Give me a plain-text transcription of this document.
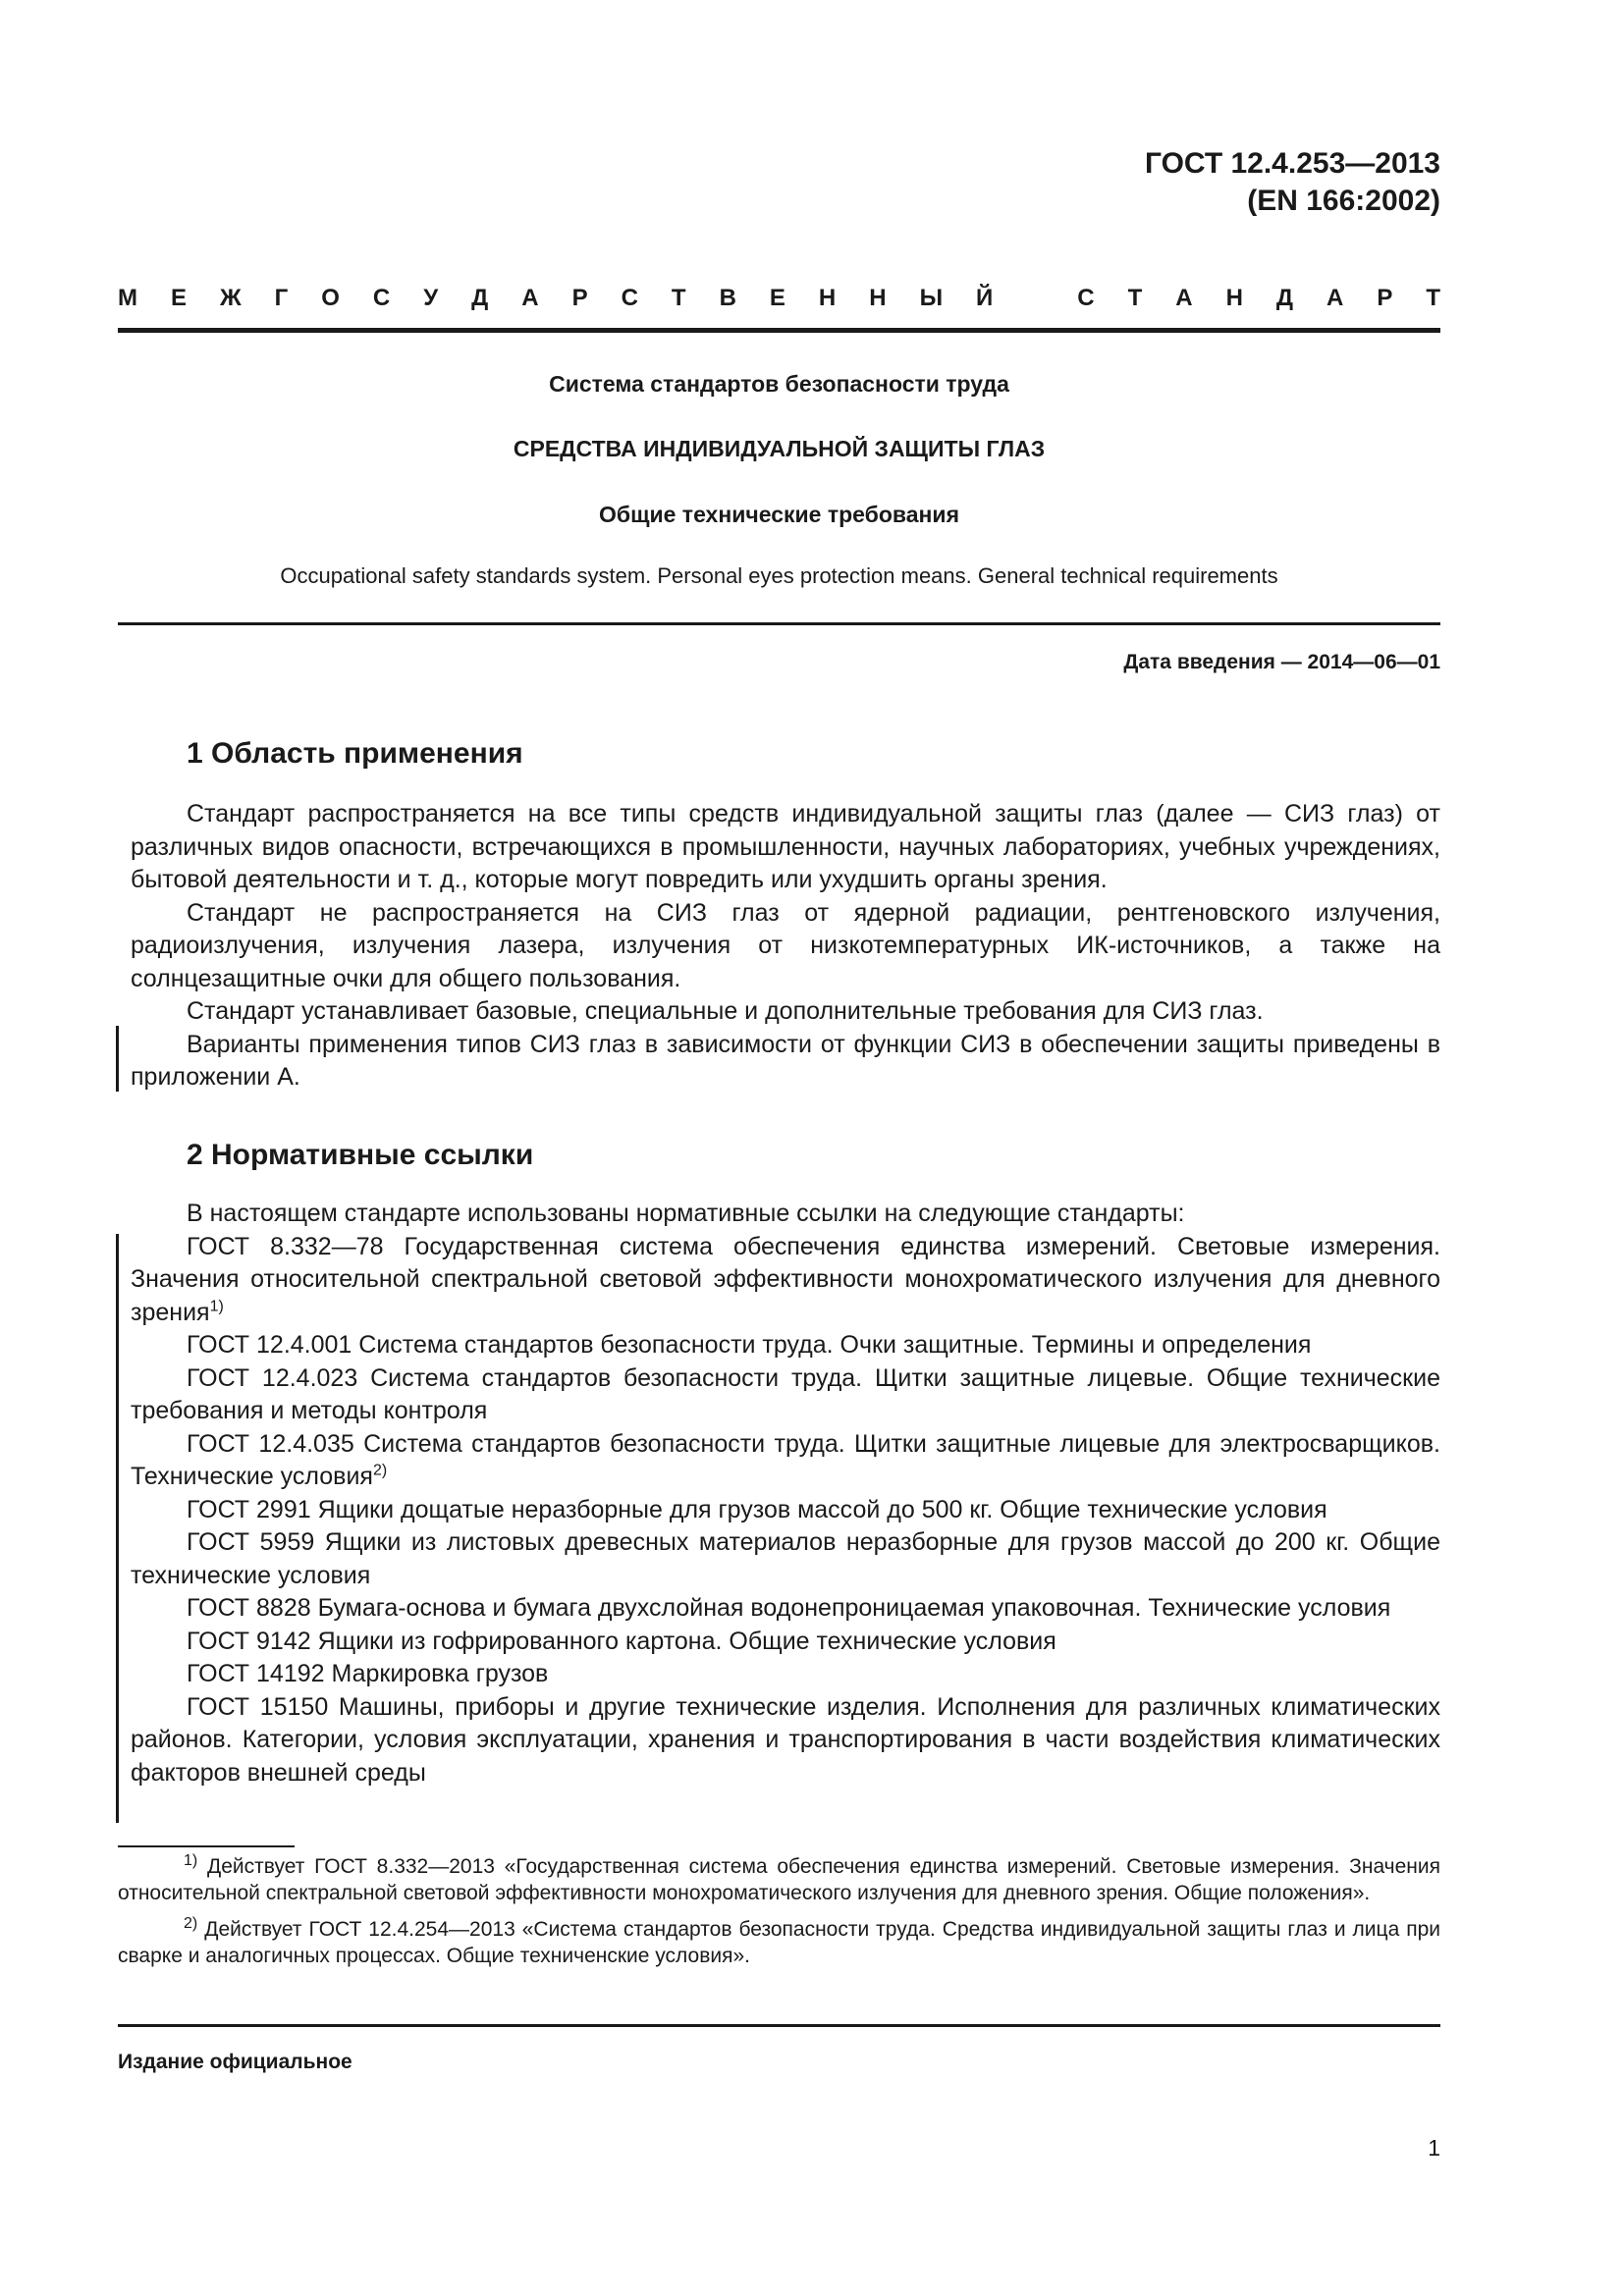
ГОСТ 12.4.253—2013
(EN 166:2002)
М Е Ж Г О С У Д А Р С Т В Е Н Н Ы Й	С Т А Н Д А Р Т
Система стандартов безопасности труда
СРЕДСТВА ИНДИВИДУАЛЬНОЙ ЗАЩИТЫ ГЛАЗ
Общие технические требования
Occupational safety standards system. Personal eyes protection means. General technical requirements
Дата введения — 2014—06—01
1 Область применения

Стандарт распространяется на все типы средств индивидуальной защиты глаз (далее — СИЗ глаз) от различных видов опасности, встречающихся в промышленности, научных лабораториях, учебных учреждениях, бытовой деятельности и т. д., которые могут повредить или ухудшить органы зрения.

Стандарт не распространяется на СИЗ глаз от ядерной радиации, рентгеновского излучения, радиоизлучения, излучения лазера, излучения от низкотемпературных ИК-источников, а также на солнцезащитные очки для общего пользования.

Стандарт устанавливает базовые, специальные и дополнительные требования для СИЗ глаз.

Варианты применения типов СИЗ глаз в зависимости от функции СИЗ в обеспечении защиты приведены в приложении А.

2 Нормативные ссылки

В настоящем стандарте использованы нормативные ссылки на следующие стандарты:

ГОСТ 8.332—78 Государственная система обеспечения единства измерений. Световые измерения. Значения относительной спектральной световой эффективности монохроматического излучения для дневного зрения$^{1)}$

ГОСТ 12.4.001 Система стандартов безопасности труда. Очки защитные. Термины и определения

ГОСТ 12.4.023 Система стандартов безопасности труда. Щитки защитные лицевые. Общие технические требования и методы контроля

ГОСТ 12.4.035 Система стандартов безопасности труда. Щитки защитные лицевые для электросварщиков. Технические условия$^{2)}$

ГОСТ 2991 Ящики дощатые неразборные для грузов массой до 500 кг. Общие технические условия

ГОСТ 5959 Ящики из листовых древесных материалов неразборные для грузов массой до 200 кг. Общие технические условия

ГОСТ 8828 Бумага-основа и бумага двухслойная водонепроницаемая упаковочная. Технические условия

ГОСТ 9142 Ящики из гофрированного картона. Общие технические условия

ГОСТ 14192 Маркировка грузов

ГОСТ 15150 Машины, приборы и другие технические изделия. Исполнения для различных климатических районов. Категории, условия эксплуатации, хранения и транспортирования в части воздействия климатических факторов внешней среды

$^{1)}$ Действует ГОСТ 8.332—2013 «Государственная система обеспечения единства измерений. Световые измерения. Значения относительной спектральной световой эффективности монохроматического излучения для дневного зрения. Общие положения».

$^{2)}$ Действует ГОСТ 12.4.254—2013 «Система стандартов безопасности труда. Средства индивидуальной защиты глаз и лица при сварке и аналогичных процессах. Общие техниченские условия».

Издание официальное
1
